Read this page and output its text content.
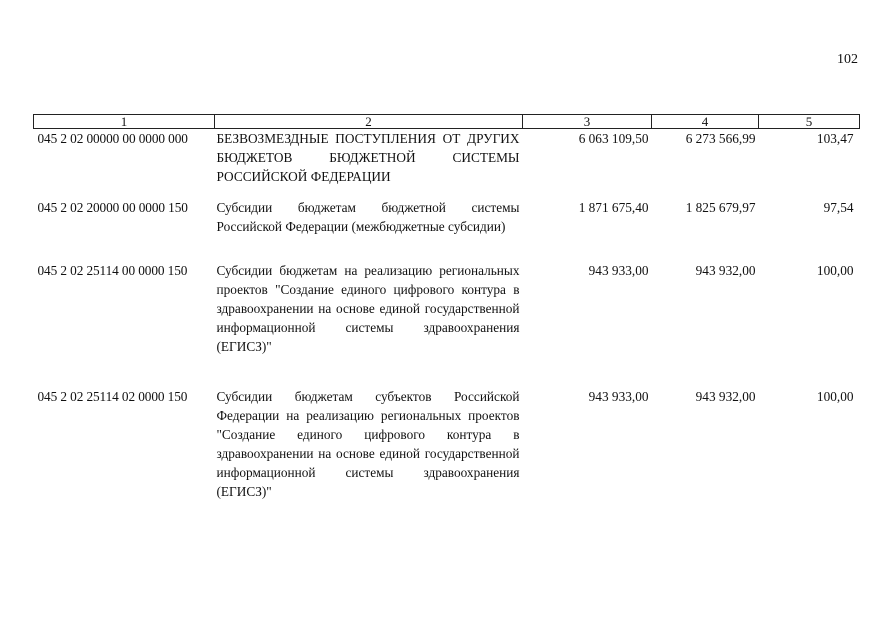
102
1	2	3	4	5
045 2 02 00000 00 0000 000	БЕЗВОЗМЕЗДНЫЕ ПОСТУПЛЕНИЯ ОТ ДРУГИХ БЮДЖЕТОВ БЮДЖЕТНОЙ СИСТЕМЫ РОССИЙСКОЙ ФЕДЕРАЦИИ	6 063 109,50	6 273 566,99	103,47
045 2 02 20000 00 0000 150	Субсидии бюджетам бюджетной системы Российской Федерации (межбюджетные субсидии)	1 871 675,40	1 825 679,97	97,54
045 2 02 25114 00 0000 150	Субсидии бюджетам на реализацию региональных проектов "Создание единого цифрового контура в здравоохранении на основе единой государственной информационной системы здравоохранения (ЕГИСЗ)"	943 933,00	943 932,00	100,00
045 2 02 25114 02 0000 150	Субсидии бюджетам субъектов Российской Федерации на реализацию региональных проектов "Создание единого цифрового контура в здравоохранении на основе единой государственной информационной системы здравоохранения (ЕГИСЗ)"	943 933,00	943 932,00	100,00
